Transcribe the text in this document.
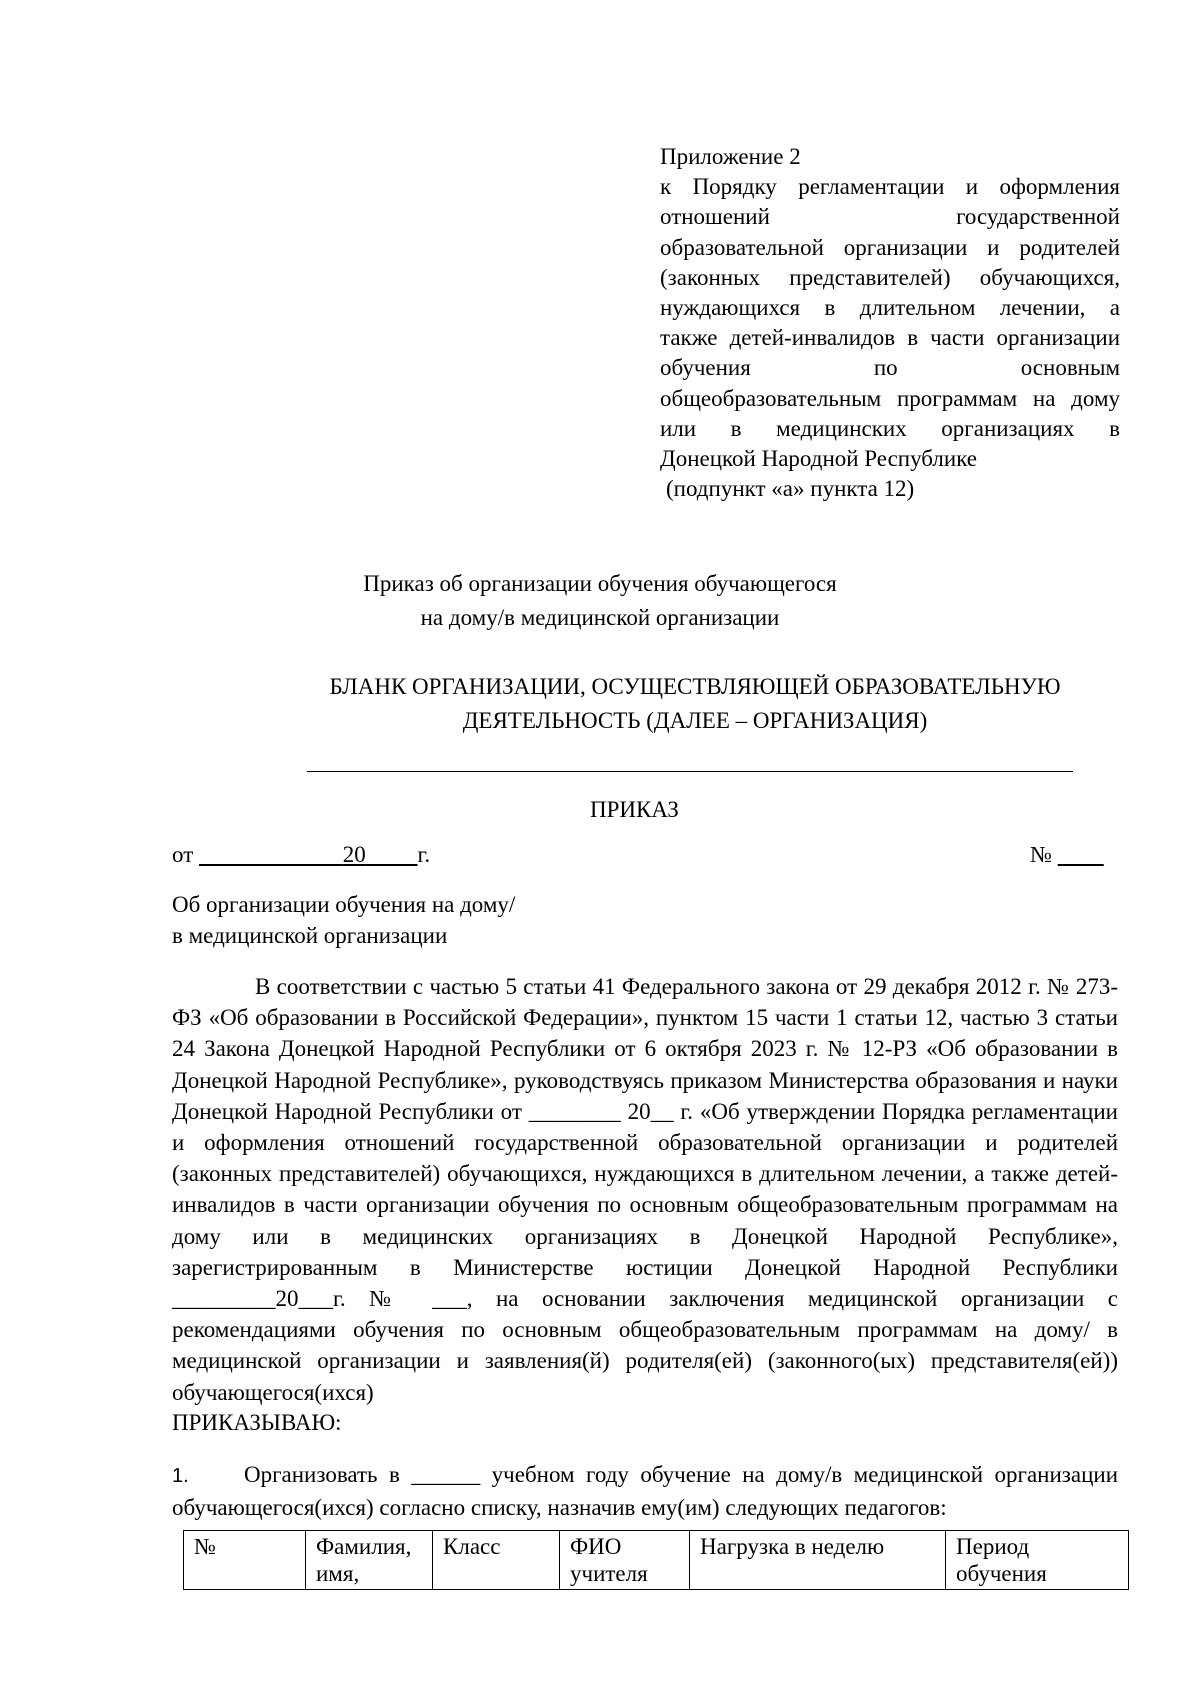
Приложение 2
к Порядку регламентации и оформления
отношений государственной
образовательной организации и родителей
(законных представителей) обучающихся,
нуждающихся в длительном лечении, а
также детей-инвалидов в части организации
обучения по основным
общеобразовательным программам на дому
или в медицинских организациях в
Донецкой Народной Республике
(подпункт «а» пункта 12)
Приказ об организации обучения обучающегося
на дому/в медицинской организации
БЛАНК ОРГАНИЗАЦИИ, ОСУЩЕСТВЛЯЮЩЕЙ ОБРАЗОВАТЕЛЬНУЮ
ДЕЯТЕЛЬНОСТЬ (ДАЛЕЕ – ОРГАНИЗАЦИЯ)
ПРИКАЗ
от	20 г.	№
Об организации обучения на дому/
в медицинской организации
В соответствии с частью 5 статьи 41 Федерального закона от 29 декабря 2012 г. № 273-ФЗ «Об образовании в Российской Федерации», пунктом 15 части 1 статьи 12, частью 3 статьи 24 Закона Донецкой Народной Республики от 6 октября 2023 г. № 12-РЗ «Об образовании в Донецкой Народной Республике», руководствуясь приказом Министерства образования и науки Донецкой Народной Республики от ________ 20__ г. «Об утверждении Порядка регламентации и оформления отношений государственной образовательной организации и родителей (законных представителей) обучающихся, нуждающихся в длительном лечении, а также детей-инвалидов в части организации обучения по основным общеобразовательным программам на дому или в медицинских организациях в Донецкой Народной Республике», зарегистрированным в Министерстве юстиции Донецкой Народной Республики _________20___г. № ___, на основании заключения медицинской организации с рекомендациями обучения по основным общеобразовательным программам на дому/ в медицинской организации и заявления(й) родителя(ей) (законного(ых) представителя(ей)) обучающегося(ихся)
ПРИКАЗЫВАЮ:
1. Организовать в ______ учебном году обучение на дому/в медицинской организации обучающегося(ихся) согласно списку, назначив ему(им) следующих педагогов:
№	Фамилия, имя,	Класс	ФИО учителя	Нагрузка в неделю	Период обучения
